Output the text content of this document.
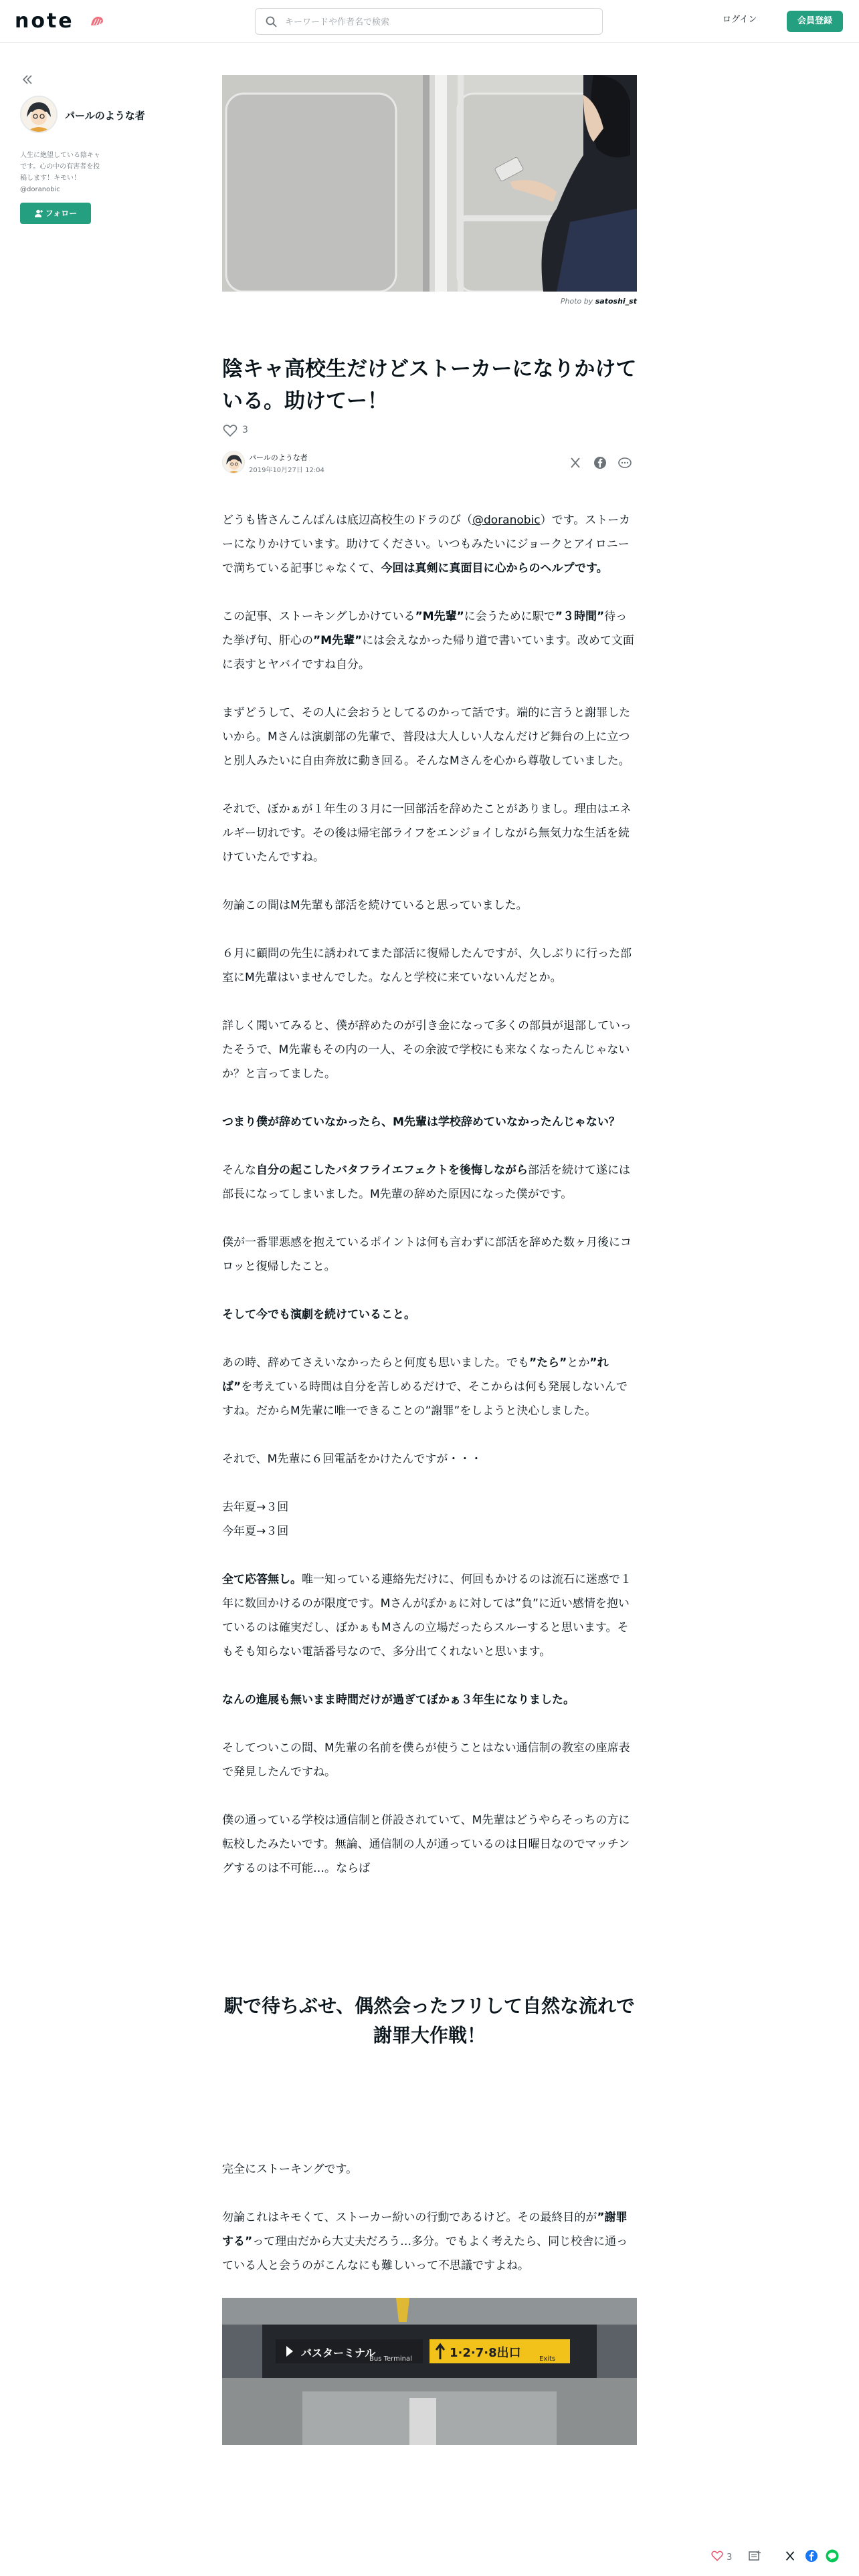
note
キーワードや作者名で検索	ログイン	会員登録
パールのような者
人生に絶望している陰キャです。心の中の有害者を投稿します！キモい！ @doranobic
フォロー
Photo by satoshi_st
陰キャ高校生だけどストーカーになりかけている。助けてー！
3
パールのような者
2019年10月27日 12:04

どうも皆さんこんばんは底辺高校生のドラのび（@doranobic）です。ストーカーになりかけています。助けてください。いつもみたいにジョークとアイロニーで満ちている記事じゃなくて、今回は真剣に真面目に心からのヘルプです。

この記事、ストーキングしかけている”M先輩”に会うために駅で”３時間”待った挙げ句、肝心の”M先輩”には会えなかった帰り道で書いています。改めて文面に表すとヤバイですね自分。

まずどうして、その人に会おうとしてるのかって話です。端的に言うと謝罪したいから。Mさんは演劇部の先輩で、普段は大人しい人なんだけど舞台の上に立つと別人みたいに自由奔放に動き回る。そんなMさんを心から尊敬していました。

それで、ぼかぁが１年生の３月に一回部活を辞めたことがありまし。理由はエネルギー切れです。その後は帰宅部ライフをエンジョイしながら無気力な生活を続けていたんですね。

勿論この間はM先輩も部活を続けていると思っていました。

６月に顧問の先生に誘われてまた部活に復帰したんですが、久しぶりに行った部室にM先輩はいませんでした。なんと学校に来ていないんだとか。

詳しく聞いてみると、僕が辞めたのが引き金になって多くの部員が退部していったそうで、M先輩もその内の一人、その余波で学校にも来なくなったんじゃないか？と言ってました。

つまり僕が辞めていなかったら、M先輩は学校辞めていなかったんじゃない？

そんな自分の起こしたバタフライエフェクトを後悔しながら部活を続けて遂には部長になってしまいました。M先輩の辞めた原因になった僕がです。

僕が一番罪悪感を抱えているポイントは何も言わずに部活を辞めた数ヶ月後にコロッと復帰したこと。

そして今でも演劇を続けていること。

あの時、辞めてさえいなかったらと何度も思いました。でも”たら”とか”れば”を考えている時間は自分を苦しめるだけで、そこからは何も発展しないんですね。だからM先輩に唯一できることの”謝罪”をしようと決心しました。

それで、M先輩に６回電話をかけたんですが・・・

去年夏→３回

今年夏→３回

全て応答無し。唯一知っている連絡先だけに、何回もかけるのは流石に迷惑で１年に数回かけるのが限度です。Mさんがぼかぁに対しては”負”に近い感情を抱いているのは確実だし、ぼかぁもMさんの立場だったらスルーすると思います。そもそも知らない電話番号なので、多分出てくれないと思います。

なんの進展も無いまま時間だけが過ぎてぼかぁ３年生になりました。

そしてついこの間、M先輩の名前を僕らが使うことはない通信制の教室の座席表で発見したんですね。

僕の通っている学校は通信制と併設されていて、M先輩はどうやらそっちの方に転校したみたいです。無論、通信制の人が通っているのは日曜日なのでマッチングするのは不可能…。ならば

駅で待ちぶせ、偶然会ったフリして自然な流れで謝罪大作戦！

完全にストーキングです。

勿論これはキモくて、ストーカー紛いの行動であるけど。その最終目的が”謝罪する”って理由だから大丈夫だろう…多分。でもよく考えたら、同じ校舎に通っている人と会うのがこんなにも難しいって不思議ですよね。

バスターミナル
Bus Terminal	1·2·7·8出口	Exits
3
